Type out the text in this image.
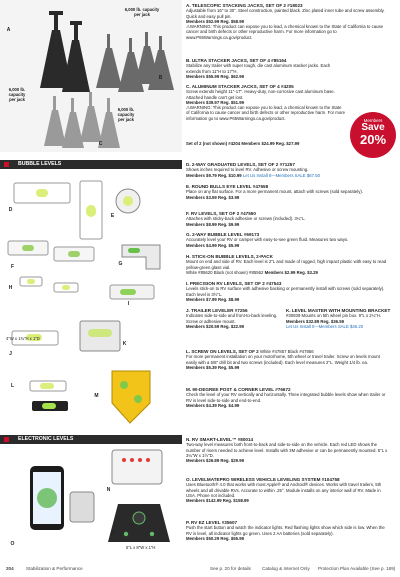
6,000 lb. capacity
per jack
6,000 lb.
capacity
per jack
6,000 lb.
capacity
per jack
A
B
C
A. TELESCOPIC STACKING JACKS, SET OF 2 #18023
Adjustable from 16" to 30". Steel construction, painted black. Zinc plated inner tube and screw assembly. Quick and easy pull pin.
Members $52.99 Reg. $58.99
⚠WARNING: This product can expose you to lead, a chemical known to the State of California to cause cancer and birth defects or other reproductive harm. For more information go to www.P65Warnings.ca.gov/product.
B. ULTRA STACKER JACKS, SET OF 4 #85164
Stabilize any trailer with super tough, die cast aluminum stacker jacks. Each extends from 11"H to 17"H.
Members $55.99 Reg. $62.99
C. ALUMINUM STACKER JACKS, SET OF 4 #4205
Screw extends height 11"-17". Heavy-duty, non-corrosive cast aluminum base. Attached handle can't get lost.
Members $39.97 Reg. $51.99
⚠WARNING: This product can expose you to lead, a chemical known to the State of California to cause cancer and birth defects or other reproductive harm. For more information go to www.P65Warnings.ca.gov/product.
Set of 2 (not shown) #4204 Members $24.99 Reg. $27.99
Members
Save
20%
BUBBLE LEVELS
D
E
F	G
H
I
J
K
L
M
4"W x 1¾"H x 1"D
D. 2-WAY GRADUATED LEVELS, SET OF 2 #71257
Shows inches required to level RV. Adhesive or screw mounting.
Members $9.79 Reg. $10.99 Let Us Install It—Members SALE $67.50
E. ROUND BULLS EYE LEVEL #47658
Place on any flat surface. For a more permanent mount, attach with screws (sold separately).
Members $3.59 Reg. $3.99
F. RV LEVELS, SET OF 2 #47550
Attaches with sticky-back adhesive or screws (included). 3¼"L.
Members $8.99 Reg. $9.99
G. 2-WAY BUBBLE LEVEL #69173
Accurately level your RV or camper with easy-to-see green fluid. Measures two ways.
Members $4.99 Reg. $5.99
H. STICK-ON BUBBLE LEVELS, 2-PACK
Mount on end and side of RV. Each level is 2"L and made of rugged, high impact plastic with easy to read yellow-green glass vial.
White #85620 Black (not shown) #85562 Members $2.99 Reg. $3.29
I. PRECISION RV LEVELS, SET OF 2 #47543
Levels stick-on to RV surface with adhesive backing or permanently install with screws (sold separately). Each level is 3½"L.
Members $7.99 Reg. $8.99
J. TRAILER LEVELER #7256
Indicates side-to-side and front-to-back leveling. Screw or adhesive mount.
Members $20.59 Reg. $22.99
K. LEVEL MASTER WITH MOUNTING BRACKET
#30939 Mounts on 5th wheel pin box. 9"L x 2¼"H.
Members $32.89 Reg. $36.59
Let Us Install It—Members SALE $46.20
L. SCREW ON LEVELS, SET OF 2 White #47857 Black #47856
For more permanent installation on your motorhome, 5th wheel or travel trailer. Screw on levels mount easily with a 5/8" drill bit and two screws (included). Each level measures 2"L. Weight 1/4 lb. ea.
Members $5.39 Reg. $5.99
M. 90-DEGREE POST & CORNER LEVEL #76672
Check the level of your RV vertically and horizontally. Three integrated bubble levels show when trailer or RV is level side-to-side and end-to-end.
Members $4.39 Reg. $4.99
ELECTRONIC LEVELS
N
O
P
5"L x 8"W x 1"H
N. RV SMART-LEVEL™ #80014
Two-way level measures both front-to-back and side-to-side on the vehicle. Each red LED shows the number of risers needed to achieve level. Installs with 3M adhesive or can be permanently mounted. 5"L x 3¼"W x 1½"D.
Members $26.89 Reg. $29.99
O. LEVELMATEPRO WIRELESS VEHICLE LEVELING SYSTEM #104758
Uses Bluetooth® 4.0 that works with most Apple® and Android® devices. Works with travel trailers, 5th wheels and all drivable RVs. Accurate to within .25°. Module installs on any interior wall of RV. Made in USA. Phone not included.
Members $142.99 Reg. $158.99
P. RV EZ LEVEL #35607
Push the start button and watch the indicator lights. Red flashing lights show which side is low. When the RV is level, all indicator lights go green. Uses 2 AA batteries (sold separately).
Members $50.29 Reg. $55.99
204	Stabilization & Performance	See p. 20 for details Catalog & Internet Only Protection Plan Available (See p. 189)
